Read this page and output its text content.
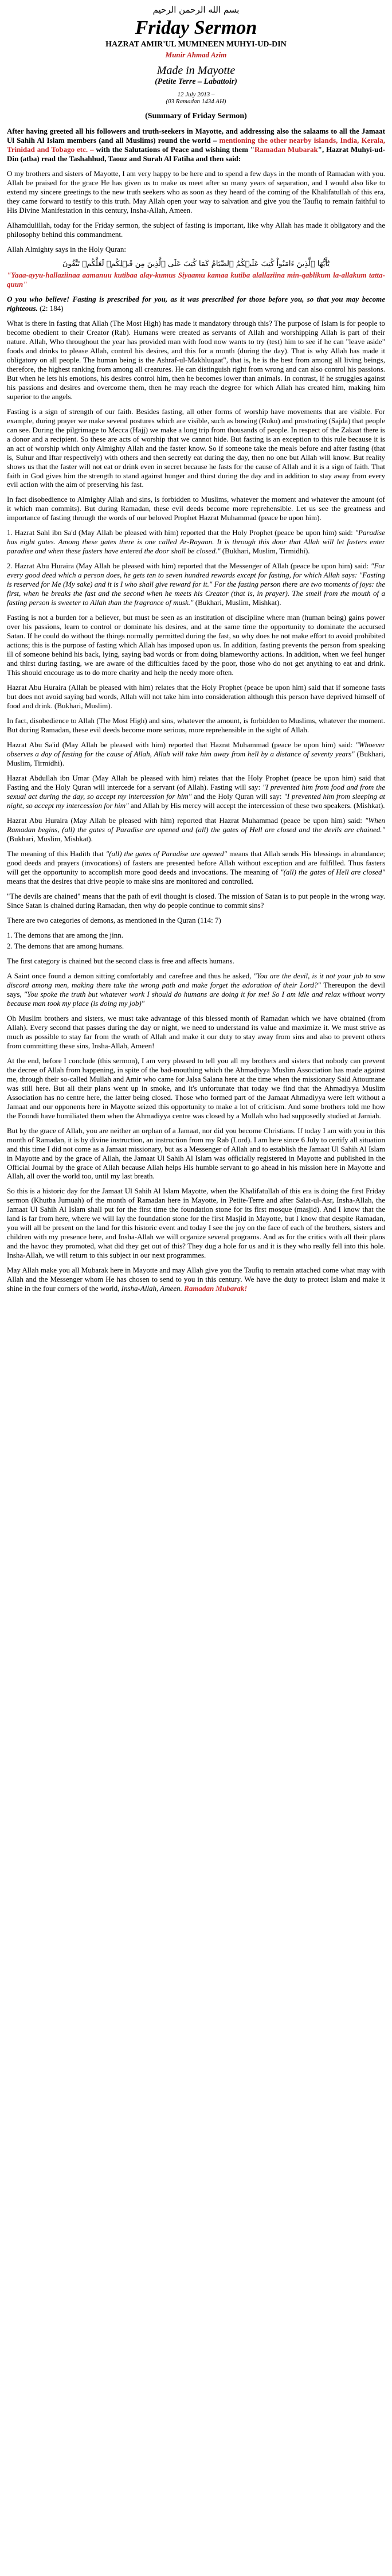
بسم الله الرحمن الرحيم
Friday Sermon
HAZRAT AMIR'UL MUMINEEN MUHYI-UD-DIN
Munir Ahmad Azim
Made in Mayotte
(Petite Terre – Labattoir)
12 July 2013 –
(03 Ramadan 1434 AH)
(Summary of Friday Sermon)

After having greeted all his followers and truth-seekers in Mayotte, and addressing also the salaams to all the Jamaat Ul Sahih Al Islam members (and all Muslims) round the world – mentioning the other nearby islands, India, Kerala, Trinidad and Tobago etc. – with the Salutations of Peace and wishing them "Ramadan Mubarak", Hazrat Muhyi-ud-Din (atba) read the Tashahhud, Taouz and Surah Al Fatiha and then said:

O my brothers and sisters of Mayotte, I am very happy to be here and to spend a few days in the month of Ramadan with you. Allah be praised for the grace He has given us to make us meet after so many years of separation, and I would also like to extend my sincere greetings to the new truth seekers who as soon as they heard of the coming of the Khalifatullah of this era, they came forward to testify to this truth. May Allah open your way to salvation and give you the Taufiq to remain faithful to His Divine Manifestation in this century, Insha-Allah, Ameen.

Alhamdulillah, today for the Friday sermon, the subject of fasting is important, like why Allah has made it obligatory and the philosophy behind this commandment.

Allah Almighty says in the Holy Quran:

يَٰٓأَيُّهَا ٱلَّذِينَ ءَامَنُواْ كُتِبَ عَلَيۡكُمُ ٱلصِّيَامُ كَمَا كُتِبَ عَلَى ٱلَّذِينَ مِن قَبۡلِكُمۡ لَعَلَّكُمۡ تَتَّقُونَ

"Yaaa-ayyu-hallaziinaa aamanuu kutibaa alay-kumus Siyaamu kamaa kutiba alallaziina min-qablikum la-allakum tatta-quun"

O you who believe! Fasting is prescribed for you, as it was prescribed for those before you, so that you may become righteous. (2: 184)

What is there in fasting that Allah (The Most High) has made it mandatory through this? The purpose of Islam is for people to become obedient to their Creator (Rab). Humans were created as servants of Allah and worshipping Allah is part of their nature. Allah, Who throughout the year has provided man with food now wants to try (test) him to see if he can "leave aside" foods and drinks to please Allah, control his desires, and this for a month (during the day). That is why Allah has made it obligatory on all people. The human being is the Ashraf-ul-Makhluqaat", that is, he is the best from among all living beings, therefore, the highest ranking from among all creatures. He can distinguish right from wrong and can also control his passions. But when he lets his emotions, his desires control him, then he becomes lower than animals. In contrast, if he struggles against his passions and desires and overcome them, then he may reach the degree for which Allah has created him, making him superior to the angels.

Fasting is a sign of strength of our faith. Besides fasting, all other forms of worship have movements that are visible. For example, during prayer we make several postures which are visible, such as bowing (Ruku) and prostrating (Sajda) that people can see. During the pilgrimage to Mecca (Hajj) we make a long trip from thousands of people. In respect of the Zakaat there is a donor and a recipient. So these are acts of worship that we cannot hide. But fasting is an exception to this rule because it is an act of worship which only Almighty Allah and the faster know. So if someone take the meals before and after fasting (that is, Suhur and Iftar respectively) with others and then secretly eat during the day, then no one but Allah will know. But reality shows us that the faster will not eat or drink even in secret because he fasts for the cause of Allah and it is a sign of faith. That faith in God gives him the strength to stand against hunger and thirst during the day and in addition to stay away from every evil action with the aim of preserving his fast.

In fact disobedience to Almighty Allah and sins, is forbidden to Muslims, whatever the moment and whatever the amount (of it which man commits). But during Ramadan, these evil deeds become more reprehensible. Let us see the greatness and importance of fasting through the words of our beloved Prophet Hazrat Muhammad (peace be upon him).

1. Hazrat Sahl ibn Sa'd (May Allah be pleased with him) reported that the Holy Prophet (peace be upon him) said: "Paradise has eight gates. Among these gates there is one called Ar-Rayaan. It is through this door that Allah will let fasters enter paradise and when these fasters have entered the door shall be closed." (Bukhari, Muslim, Tirmidhi).

2. Hazrat Abu Huraira (May Allah be pleased with him) reported that the Messenger of Allah (peace be upon him) said: "For every good deed which a person does, he gets ten to seven hundred rewards except for fasting, for which Allah says: "Fasting is reserved for Me (My sake) and it is I who shall give reward for it." For the fasting person there are two moments of joys: the first, when he breaks the fast and the second when he meets his Creator (that is, in prayer). The smell from the mouth of a fasting person is sweeter to Allah than the fragrance of musk." (Bukhari, Muslim, Mishkat).

Fasting is not a burden for a believer, but must be seen as an institution of discipline where man (human being) gains power over his passions, learn to control or dominate his desires, and at the same time the opportunity to dominate the accursed Satan. If he could do without the things normally permitted during the fast, so why does he not make effort to avoid prohibited actions; this is the purpose of fasting which Allah has imposed upon us. In addition, fasting prevents the person from speaking ill of someone behind his back, lying, saying bad words or from doing blameworthy actions. In addition, when we feel hunger and thirst during fasting, we are aware of the difficulties faced by the poor, those who do not get anything to eat and drink. This should encourage us to do more charity and help the needy more often.

Hazrat Abu Huraira (Allah be pleased with him) relates that the Holy Prophet (peace be upon him) said that if someone fasts but does not avoid saying bad words, Allah will not take him into consideration although this person have deprived himself of food and drink. (Bukhari, Muslim).

In fact, disobedience to Allah (The Most High) and sins, whatever the amount, is forbidden to Muslims, whatever the moment. But during Ramadan, these evil deeds become more serious, more reprehensible in the sight of Allah.

Hazrat Abu Sa'id (May Allah be pleased with him) reported that Hazrat Muhammad (peace be upon him) said: "Whoever observes a day of fasting for the cause of Allah, Allah will take him away from hell by a distance of seventy years" (Bukhari, Muslim, Tirmidhi).

Hazrat Abdullah ibn Umar (May Allah be pleased with him) relates that the Holy Prophet (peace be upon him) said that Fasting and the Holy Quran will intercede for a servant (of Allah). Fasting will say: "I prevented him from food and from the sexual act during the day, so accept my intercession for him" and the Holy Quran will say: "I prevented him from sleeping at night, so accept my intercession for him" and Allah by His mercy will accept the intercession of these two speakers. (Mishkat).

Hazrat Abu Huraira (May Allah be pleased with him) reported that Hazrat Muhammad (peace be upon him) said: "When Ramadan begins, (all) the gates of Paradise are opened and (all) the gates of Hell are closed and the devils are chained." (Bukhari, Muslim, Mishkat).

The meaning of this Hadith that "(all) the gates of Paradise are opened" means that Allah sends His blessings in abundance; good deeds and prayers (invocations) of fasters are presented before Allah without exception and are fulfilled. Thus fasters will get the opportunity to accomplish more good deeds and invocations. The meaning of "(all) the gates of Hell are closed" means that the desires that drive people to make sins are monitored and controlled.

"The devils are chained" means that the path of evil thought is closed. The mission of Satan is to put people in the wrong way. Since Satan is chained during Ramadan, then why do people continue to commit sins?

There are two categories of demons, as mentioned in the Quran (114: 7)

1. The demons that are among the jinn.

2. The demons that are among humans.

The first category is chained but the second class is free and affects humans.

A Saint once found a demon sitting comfortably and carefree and thus he asked, "You are the devil, is it not your job to sow discord among men, making them take the wrong path and make forget the adoration of their Lord?" Thereupon the devil says, "You spoke the truth but whatever work I should do humans are doing it for me! So I am idle and relax without worry because man took my place (is doing my job)"

Oh Muslim brothers and sisters, we must take advantage of this blessed month of Ramadan which we have obtained (from Allah). Every second that passes during the day or night, we need to understand its value and maximize it. We must strive as much as possible to stay far from the wrath of Allah and make it our duty to stay away from sins and also to prevent others from committing these sins, Insha-Allah, Ameen!

At the end, before I conclude (this sermon), I am very pleased to tell you all my brothers and sisters that nobody can prevent the decree of Allah from happening, in spite of the bad-mouthing which the Ahmadiyya Muslim Association has made against me, through their so-called Mullah and Amir who came for Jalsa Salana here at the time when the missionary Said Attoumane was still here. But all their plans went up in smoke, and it's unfortunate that today we find that the Ahmadiyya Muslim Association has no centre here, the latter being closed. Those who formed part of the Jamaat Ahmadiyya were left without a Jamaat and our opponents here in Mayotte seized this opportunity to make a lot of criticism. And some brothers told me how the Foondi have humiliated them when the Ahmadiyya centre was closed by a Mullah who had supposedly studied at Jamiah.

But by the grace of Allah, you are neither an orphan of a Jamaat, nor did you become Christians. If today I am with you in this month of Ramadan, it is by divine instruction, an instruction from my Rab (Lord). I am here since 6 July to certify all situation and this time I did not come as a Jamaat missionary, but as a Messenger of Allah and to establish the Jamaat Ul Sahih Al Islam in Mayotte and by the grace of Allah, the Jamaat Ul Sahih Al Islam was officially registered in Mayotte and published in the Official Journal by the grace of Allah because Allah helps His humble servant to go ahead in his mission here in Mayotte and Allah, all over the world too, until my last breath.

So this is a historic day for the Jamaat Ul Sahih Al Islam Mayotte, when the Khalifatullah of this era is doing the first Friday sermon (Khutba Jumuah) of the month of Ramadan here in Mayotte, in Petite-Terre and after Salat-ul-Asr, Insha-Allah, the Jamaat Ul Sahih Al Islam shall put for the first time the foundation stone for its first mosque (masjid). And I know that the land is far from here, where we will lay the foundation stone for the first Masjid in Mayotte, but I know that despite Ramadan, you will all be present on the land for this historic event and today I see the joy on the face of each of the brothers, sisters and children with my presence here, and Insha-Allah we will organize several programs. And as for the critics with all their plans and the havoc they promoted, what did they get out of this? They dug a hole for us and it is they who really fell into this hole. Insha-Allah, we will return to this subject in our next programmes.

May Allah make you all Mubarak here in Mayotte and may Allah give you the Taufiq to remain attached come what may with Allah and the Messenger whom He has chosen to send to you in this century. We have the duty to protect Islam and make it shine in the four corners of the world, Insha-Allah, Ameen. Ramadan Mubarak!
